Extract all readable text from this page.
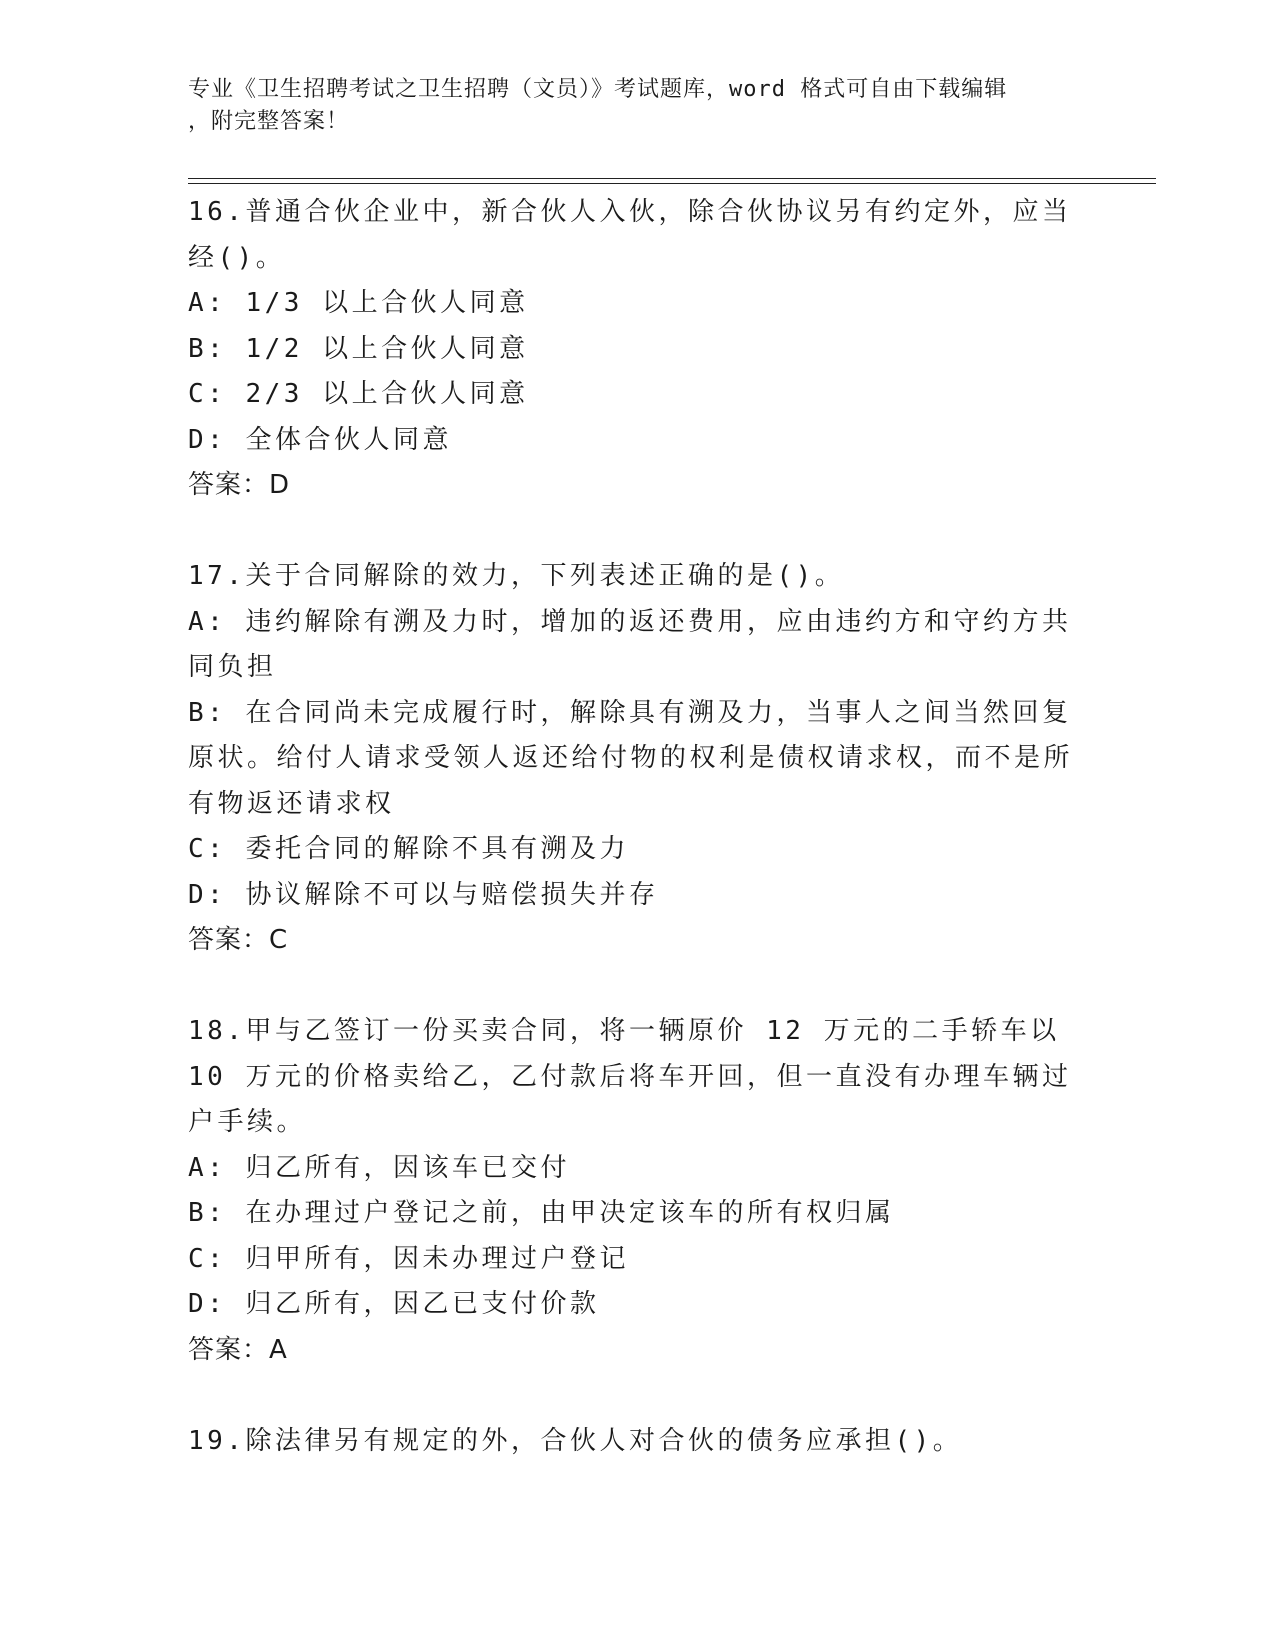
专业《卫生招聘考试之卫生招聘（文员）》考试题库，word 格式可自由下载编辑
，附完整答案！

16.普通合伙企业中，新合伙人入伙，除合伙协议另有约定外，应当经()。

A: 1/3 以上合伙人同意

B: 1/2 以上合伙人同意

C: 2/3 以上合伙人同意

D: 全体合伙人同意

答案：D

17.关于合同解除的效力，下列表述正确的是()。

A: 违约解除有溯及力时，增加的返还费用，应由违约方和守约方共同负担

B: 在合同尚未完成履行时，解除具有溯及力，当事人之间当然回复原状。给付人请求受领人返还给付物的权利是债权请求权，而不是所有物返还请求权

C: 委托合同的解除不具有溯及力

D: 协议解除不可以与赔偿损失并存

答案：C

18.甲与乙签订一份买卖合同，将一辆原价 12 万元的二手轿车以 10 万元的价格卖给乙，乙付款后将车开回，但一直没有办理车辆过户手续。

A: 归乙所有，因该车已交付

B: 在办理过户登记之前，由甲决定该车的所有权归属

C: 归甲所有，因未办理过户登记

D: 归乙所有，因乙已支付价款

答案：A

19.除法律另有规定的外，合伙人对合伙的债务应承担()。
